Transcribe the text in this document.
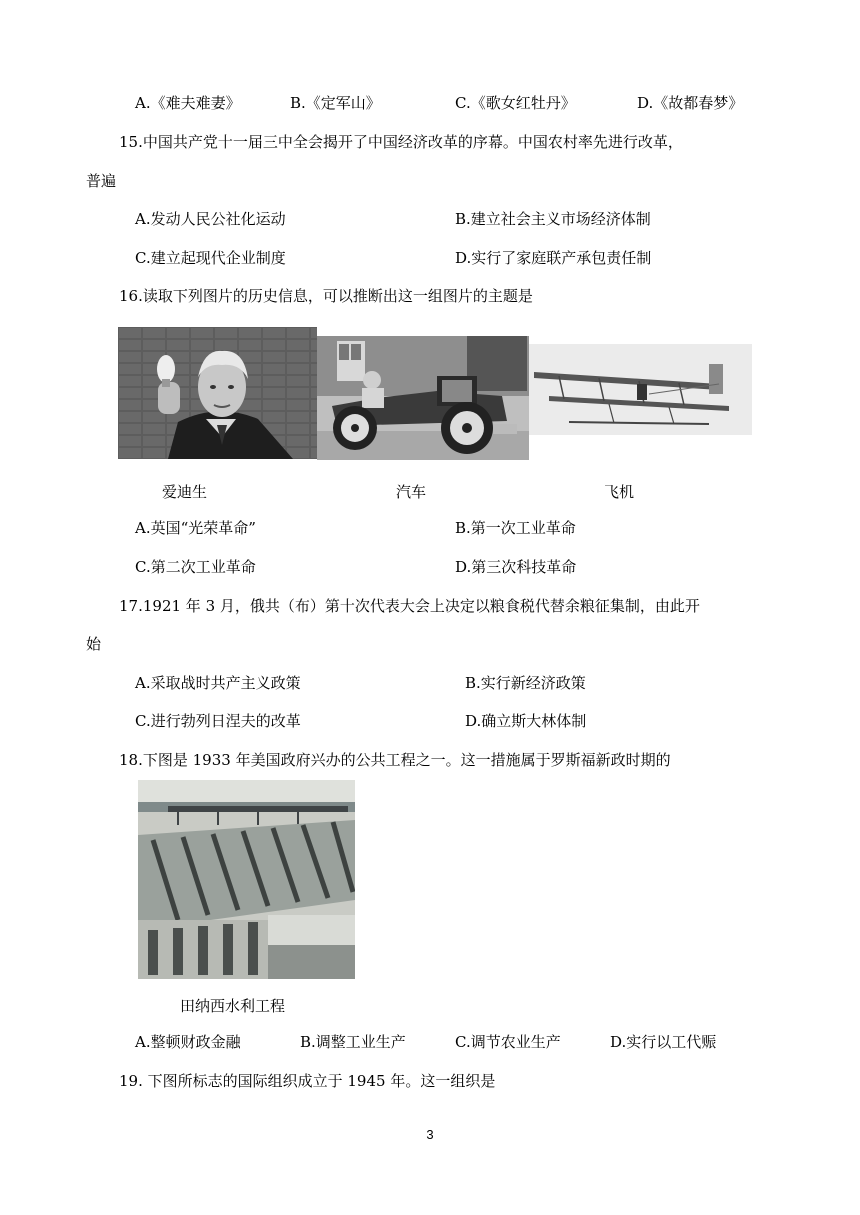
A.《难夫难妻》	B.《定军山》	C.《歌女红牡丹》	D.《故都春梦》
15.中国共产党十一届三中全会揭开了中国经济改革的序幕。中国农村率先进行改革，
普遍
A.发动人民公社化运动	B.建立社会主义市场经济体制
C.建立起现代企业制度	D.实行了家庭联产承包责任制
16.读取下列图片的历史信息，可以推断出这一组图片的主题是
爱迪生	汽车	飞机
A.英国“光荣革命”	B.第一次工业革命
C.第二次工业革命	D.第三次科技革命
17.1921 年 3 月，俄共（布）第十次代表大会上决定以粮食税代替余粮征集制，由此开
始
A.采取战时共产主义政策	B.实行新经济政策
C.进行勃列日涅夫的改革	D.确立斯大林体制
18.下图是 1933 年美国政府兴办的公共工程之一。这一措施属于罗斯福新政时期的
田纳西水利工程
A.整顿财政金融	B.调整工业生产	C.调节农业生产	D.实行以工代赈
19. 下图所标志的国际组织成立于 1945 年。这一组织是
3
